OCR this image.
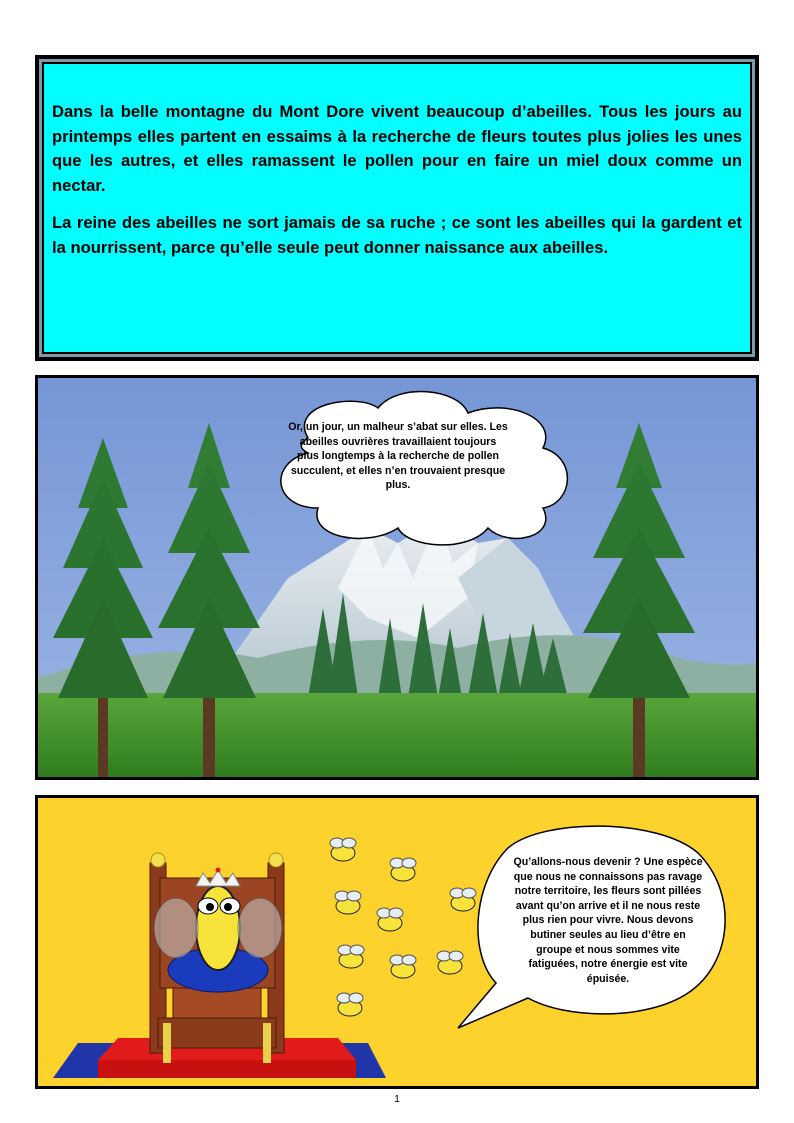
Dans la belle montagne du Mont Dore vivent beaucoup d’abeilles. Tous les jours au printemps elles partent en essaims à la recherche de fleurs toutes plus jolies les unes que les autres, et elles ramassent le pollen pour en faire un miel doux comme un nectar.

La reine des abeilles ne sort jamais de sa ruche ; ce sont les abeilles qui la gardent et la nourrissent, parce qu’elle seule peut donner naissance aux abeilles.

Or, un jour, un malheur s’abat sur elles. Les abeilles ouvrières travaillaient toujours plus longtemps à la recherche de pollen succulent, et elles n’en trouvaient presque plus.
Qu’allons-nous devenir ? Une espèce que nous ne connaissons pas ravage notre territoire, les fleurs sont pillées avant qu’on arrive et il ne nous reste plus rien pour vivre. Nous devons butiner seules au lieu d’être en groupe et nous sommes vite fatiguées, notre énergie est vite épuisée.
1
